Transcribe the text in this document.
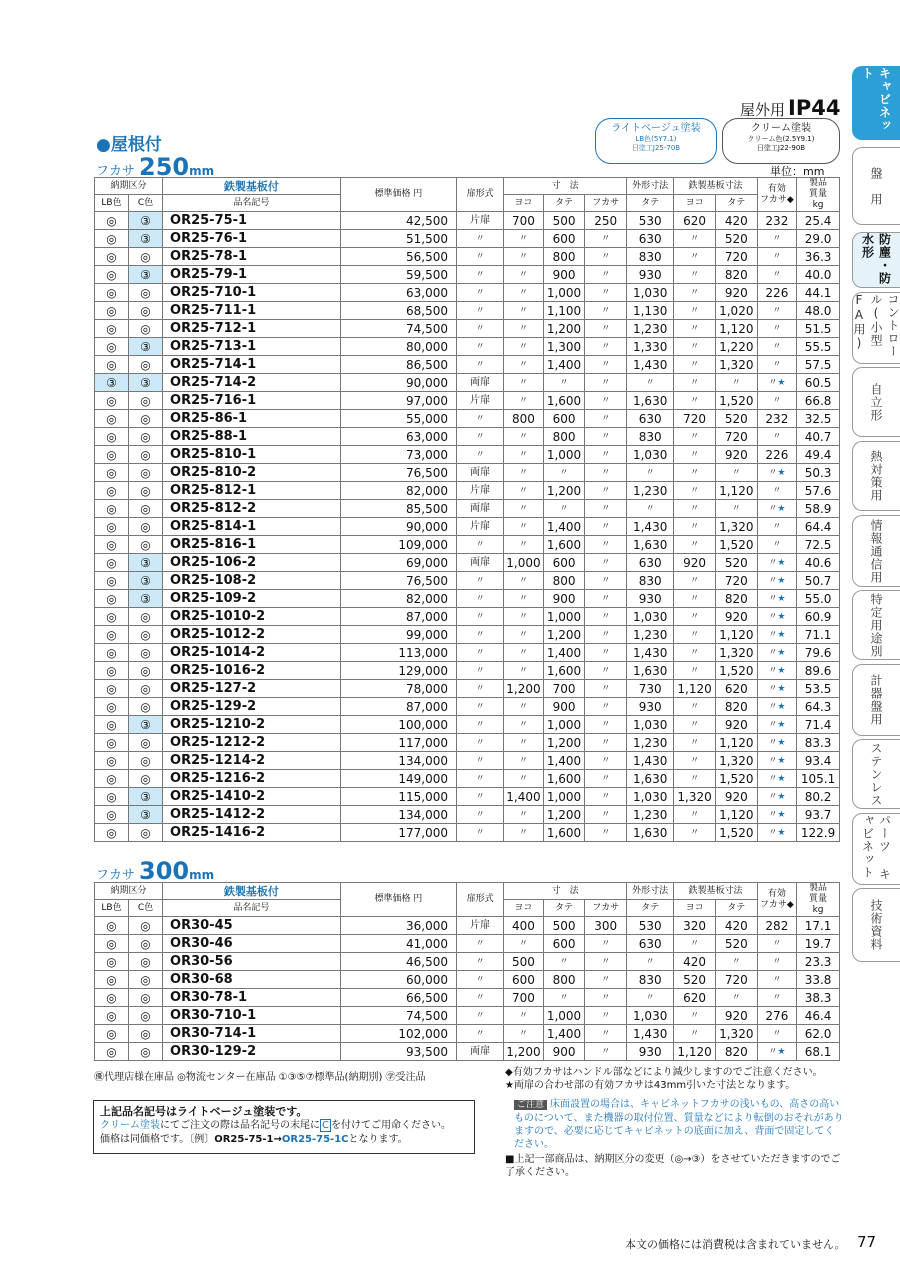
屋外用 IP44
●屋根付
ライトベージュ塗装
LB色(5Y7.1)
日塗工J25-70B
クリーム塗装
クリーム色(2.5Y9.1)
日塗工J22-90B
フカサ 250mm	単位：mm
納期区分		鉄製基板付	標準価格 円	扉形式	寸　法			外形寸法	鉄製基板寸法		有効
フカサ◆	製品
質量
kg
LB色	C色	品名記号			ヨコ	タテ	フカサ	タテ	ヨコ	タテ		
◎	③	OR25-75-1	42,500	片扉	700	500	250	530	620	420	232	25.4
◎	③	OR25-76-1	51,500	〃	〃	600	〃	630	〃	520	〃	29.0
◎	◎	OR25-78-1	56,500	〃	〃	800	〃	830	〃	720	〃	36.3
◎	③	OR25-79-1	59,500	〃	〃	900	〃	930	〃	820	〃	40.0
◎	◎	OR25-710-1	63,000	〃	〃	1,000	〃	1,030	〃	920	226	44.1
◎	◎	OR25-711-1	68,500	〃	〃	1,100	〃	1,130	〃	1,020	〃	48.0
◎	◎	OR25-712-1	74,500	〃	〃	1,200	〃	1,230	〃	1,120	〃	51.5
◎	③	OR25-713-1	80,000	〃	〃	1,300	〃	1,330	〃	1,220	〃	55.5
◎	◎	OR25-714-1	86,500	〃	〃	1,400	〃	1,430	〃	1,320	〃	57.5
③	③	OR25-714-2	90,000	両扉	〃	〃	〃	〃	〃	〃	〃★	60.5
◎	◎	OR25-716-1	97,000	片扉	〃	1,600	〃	1,630	〃	1,520	〃	66.8
◎	◎	OR25-86-1	55,000	〃	800	600	〃	630	720	520	232	32.5
◎	◎	OR25-88-1	63,000	〃	〃	800	〃	830	〃	720	〃	40.7
◎	◎	OR25-810-1	73,000	〃	〃	1,000	〃	1,030	〃	920	226	49.4
◎	◎	OR25-810-2	76,500	両扉	〃	〃	〃	〃	〃	〃	〃★	50.3
◎	◎	OR25-812-1	82,000	片扉	〃	1,200	〃	1,230	〃	1,120	〃	57.6
◎	◎	OR25-812-2	85,500	両扉	〃	〃	〃	〃	〃	〃	〃★	58.9
◎	◎	OR25-814-1	90,000	片扉	〃	1,400	〃	1,430	〃	1,320	〃	64.4
◎	◎	OR25-816-1	109,000	〃	〃	1,600	〃	1,630	〃	1,520	〃	72.5
◎	③	OR25-106-2	69,000	両扉	1,000	600	〃	630	920	520	〃★	40.6
◎	③	OR25-108-2	76,500	〃	〃	800	〃	830	〃	720	〃★	50.7
◎	③	OR25-109-2	82,000	〃	〃	900	〃	930	〃	820	〃★	55.0
◎	◎	OR25-1010-2	87,000	〃	〃	1,000	〃	1,030	〃	920	〃★	60.9
◎	◎	OR25-1012-2	99,000	〃	〃	1,200	〃	1,230	〃	1,120	〃★	71.1
◎	◎	OR25-1014-2	113,000	〃	〃	1,400	〃	1,430	〃	1,320	〃★	79.6
◎	◎	OR25-1016-2	129,000	〃	〃	1,600	〃	1,630	〃	1,520	〃★	89.6
◎	◎	OR25-127-2	78,000	〃	1,200	700	〃	730	1,120	620	〃★	53.5
◎	◎	OR25-129-2	87,000	〃	〃	900	〃	930	〃	820	〃★	64.3
◎	③	OR25-1210-2	100,000	〃	〃	1,000	〃	1,030	〃	920	〃★	71.4
◎	◎	OR25-1212-2	117,000	〃	〃	1,200	〃	1,230	〃	1,120	〃★	83.3
◎	◎	OR25-1214-2	134,000	〃	〃	1,400	〃	1,430	〃	1,320	〃★	93.4
◎	◎	OR25-1216-2	149,000	〃	〃	1,600	〃	1,630	〃	1,520	〃★	105.1
◎	③	OR25-1410-2	115,000	〃	1,400	1,000	〃	1,030	1,320	920	〃★	80.2
◎	③	OR25-1412-2	134,000	〃	〃	1,200	〃	1,230	〃	1,120	〃★	93.7
◎	◎	OR25-1416-2	177,000	〃	〃	1,600	〃	1,630	〃	1,520	〃★	122.9
フカサ 300mm
納期区分		鉄製基板付	標準価格 円	扉形式	寸　法			外形寸法	鉄製基板寸法		有効
フカサ◆	製品
質量
kg
LB色	C色	品名記号			ヨコ	タテ	フカサ	タテ	ヨコ	タテ		
◎	◎	OR30-45	36,000	片扉	400	500	300	530	320	420	282	17.1
◎	◎	OR30-46	41,000	〃	〃	600	〃	630	〃	520	〃	19.7
◎	◎	OR30-56	46,500	〃	500	〃	〃	〃	420	〃	〃	23.3
◎	◎	OR30-68	60,000	〃	600	800	〃	830	520	720	〃	33.8
◎	◎	OR30-78-1	66,500	〃	700	〃	〃	〃	620	〃	〃	38.3
◎	◎	OR30-710-1	74,500	〃	〃	1,000	〃	1,030	〃	920	276	46.4
◎	◎	OR30-714-1	102,000	〃	〃	1,400	〃	1,430	〃	1,320	〃	62.0
◎	◎	OR30-129-2	93,500	両扉	1,200	900	〃	930	1,120	820	〃★	68.1
㊝代理店様在庫品 ◎物流センター在庫品 ①③⑤⑦標準品(納期別) ㊫受注品	◆有効フカサはハンドル部などにより減少しますのでご注意ください。
★両扉の合わせ部の有効フカサは43mm引いた寸法となります。
上記品名記号はライトベージュ塗装です。
クリーム塗装にてご注文の際は品名記号の末尾に C を付けてご用命ください。
価格は同価格です。〔例〕OR25-75-1→OR25-75-1Cとなります。
ご注意 床面設置の場合は、キャビネットフカサの浅いもの、高さの高いものについて、また機器の取付位置、質量などにより転倒のおそれがありますので、必要に応じてキャビネットの底面に加え、背面で固定してください。
■上記一部商品は、納期区分の変更（◎→③）をさせていただきますのでご了承ください。
本文の価格には消費税は含まれていません。 77
キャビネット
盤　用
防塵・防水形
コントロール(小型FA用)
自立形
熱対策用
情報通信用
特定用途別
計器盤用
ステンレス
パーツ キャビネット
技術資料
